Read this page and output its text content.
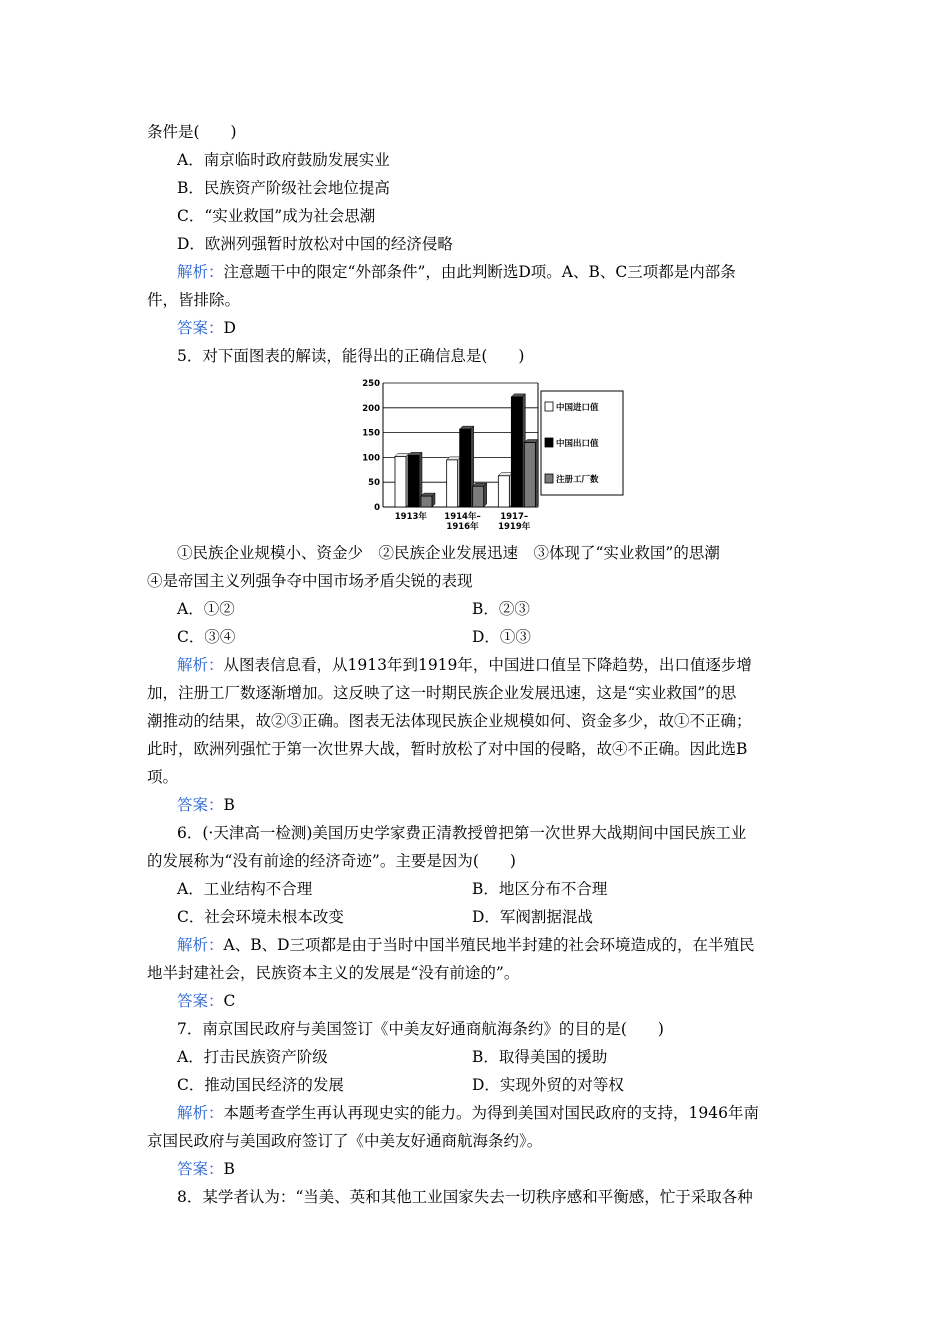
条件是(　　)
A．南京临时政府鼓励发展实业
B．民族资产阶级社会地位提高
C．“实业救国”成为社会思潮
D．欧洲列强暂时放松对中国的经济侵略
解析：注意题干中的限定“外部条件”，由此判断选D项。A、B、C三项都是内部条
件，皆排除。
答案：D
5．对下面图表的解读，能得出的正确信息是(　　)
0
50
100
150
200
250
1913年 1914年–
1916年
1917–
1919年
中国进口值
中国出口值
注册工厂数
①民族企业规模小、资金少　②民族企业发展迅速　③体现了“实业救国”的思潮
④是帝国主义列强争夺中国市场矛盾尖锐的表现
A．①②	B．②③
C．③④	D．①③
解析：从图表信息看，从1913年到1919年，中国进口值呈下降趋势，出口值逐步增
加，注册工厂数逐渐增加。这反映了这一时期民族企业发展迅速，这是“实业救国”的思
潮推动的结果，故②③正确。图表无法体现民族企业规模如何、资金多少，故①不正确；
此时，欧洲列强忙于第一次世界大战，暂时放松了对中国的侵略，故④不正确。因此选B
项。
答案：B
6．(·天津高一检测)美国历史学家费正清教授曾把第一次世界大战期间中国民族工业
的发展称为“没有前途的经济奇迹”。主要是因为(　　)
A．工业结构不合理	B．地区分布不合理
C．社会环境未根本改变	D．军阀割据混战
解析：A、B、D三项都是由于当时中国半殖民地半封建的社会环境造成的，在半殖民
地半封建社会，民族资本主义的发展是“没有前途的”。
答案：C
7．南京国民政府与美国签订《中美友好通商航海条约》的目的是(　　)
A．打击民族资产阶级	B．取得美国的援助
C．推动国民经济的发展	D．实现外贸的对等权
解析：本题考查学生再认再现史实的能力。为得到美国对国民政府的支持，1946年南
京国民政府与美国政府签订了《中美友好通商航海条约》。
答案：B
8．某学者认为：“当美、英和其他工业国家失去一切秩序感和平衡感，忙于采取各种
